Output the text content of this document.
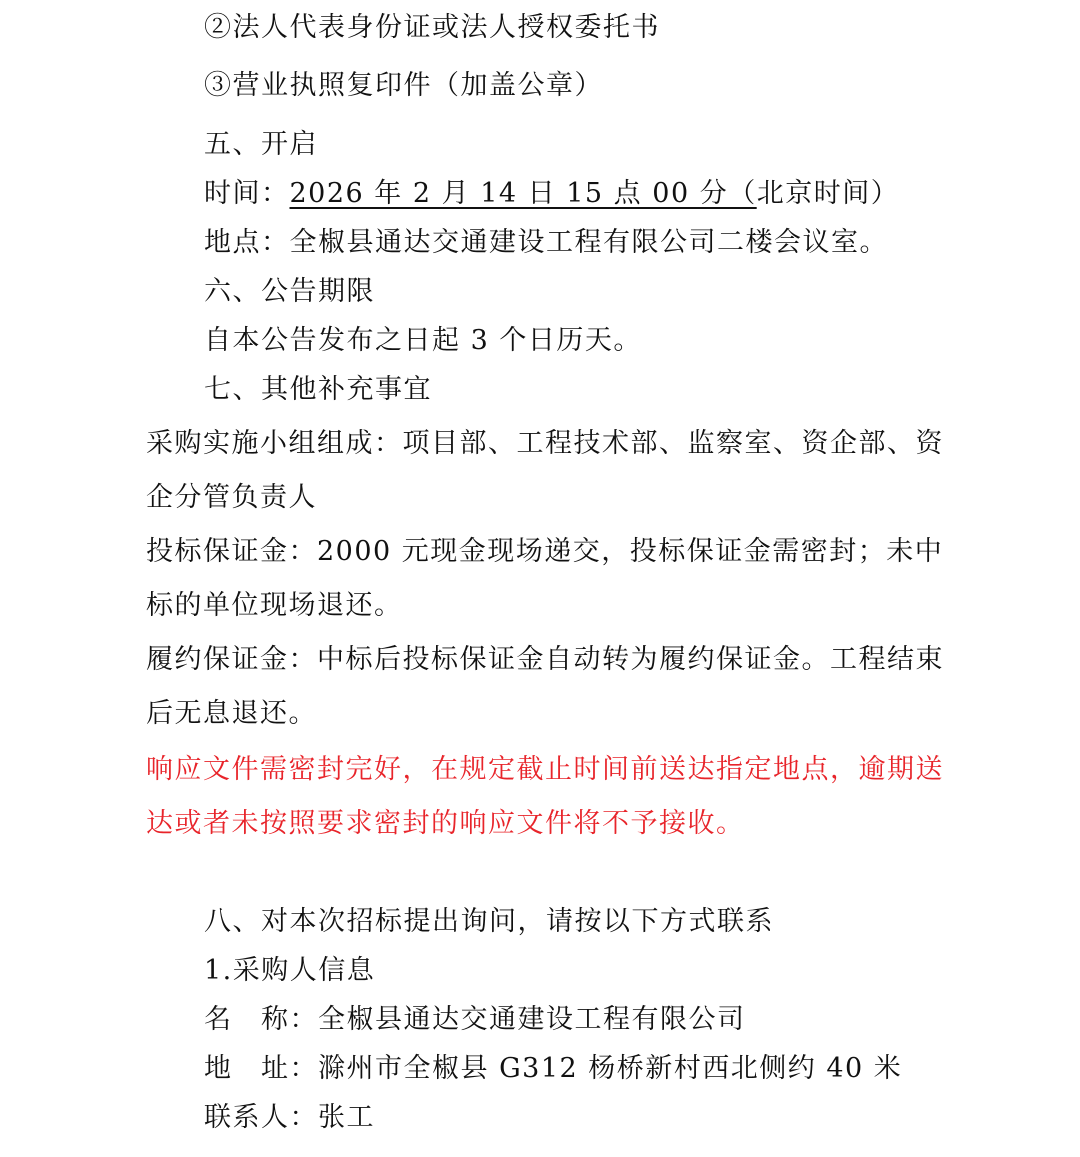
②法人代表身份证或法人授权委托书
③营业执照复印件（加盖公章）
五、开启
时间：2026 年 2 月 14 日 15 点 00 分（北京时间）
地点：全椒县通达交通建设工程有限公司二楼会议室。
六、公告期限
自本公告发布之日起 3 个日历天。
七、其他补充事宜
采购实施小组组成：项目部、工程技术部、监察室、资企部、资
企分管负责人
投标保证金：2000 元现金现场递交，投标保证金需密封；未中
标的单位现场退还。
履约保证金：中标后投标保证金自动转为履约保证金。工程结束
后无息退还。
响应文件需密封完好，在规定截止时间前送达指定地点，逾期送
达或者未按照要求密封的响应文件将不予接收。
八、对本次招标提出询问，请按以下方式联系
1.采购人信息
名　称：全椒县通达交通建设工程有限公司
地　址：滁州市全椒县 G312 杨桥新村西北侧约 40 米
联系人：张工
